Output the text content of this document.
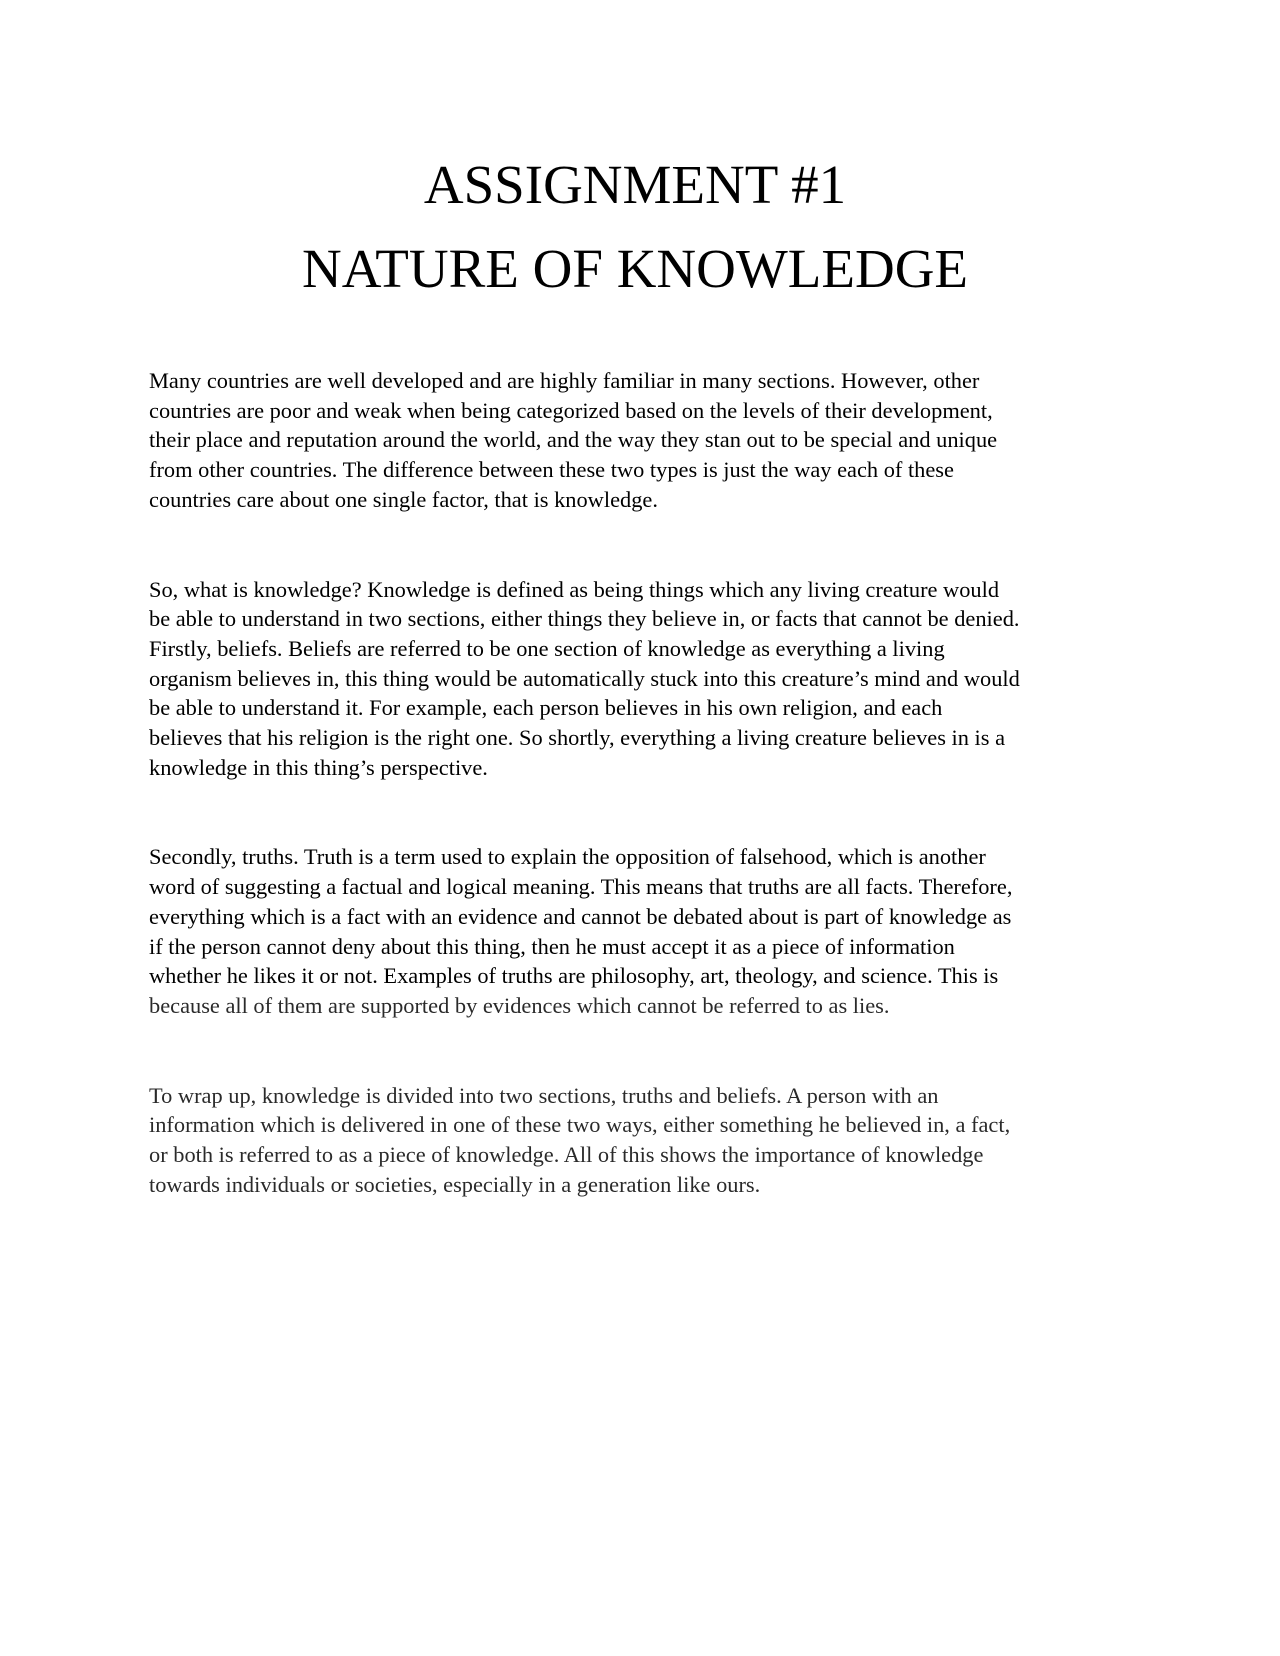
ASSIGNMENT #1
NATURE OF KNOWLEDGE
Many countries are well developed and are highly familiar in many sections. However, other
countries are poor and weak when being categorized based on the levels of their development,
their place and reputation around the world, and the way they stan out to be special and unique
from other countries. The difference between these two types is just the way each of these
countries care about one single factor, that is knowledge.
So, what is knowledge? Knowledge is defined as being things which any living creature would
be able to understand in two sections, either things they believe in, or facts that cannot be denied.
Firstly, beliefs. Beliefs are referred to be one section of knowledge as everything a living
organism believes in, this thing would be automatically stuck into this creature’s mind and would
be able to understand it. For example, each person believes in his own religion, and each
believes that his religion is the right one. So shortly, everything a living creature believes in is a
knowledge in this thing’s perspective.
Secondly, truths. Truth is a term used to explain the opposition of falsehood, which is another
word of suggesting a factual and logical meaning. This means that truths are all facts. Therefore,
everything which is a fact with an evidence and cannot be debated about is part of knowledge as
if the person cannot deny about this thing, then he must accept it as a piece of information
whether he likes it or not. Examples of truths are philosophy, art, theology, and science. This is
because all of them are supported by evidences which cannot be referred to as lies.
To wrap up, knowledge is divided into two sections, truths and beliefs. A person with an
information which is delivered in one of these two ways, either something he believed in, a fact,
or both is referred to as a piece of knowledge. All of this shows the importance of knowledge
towards individuals or societies, especially in a generation like ours.
